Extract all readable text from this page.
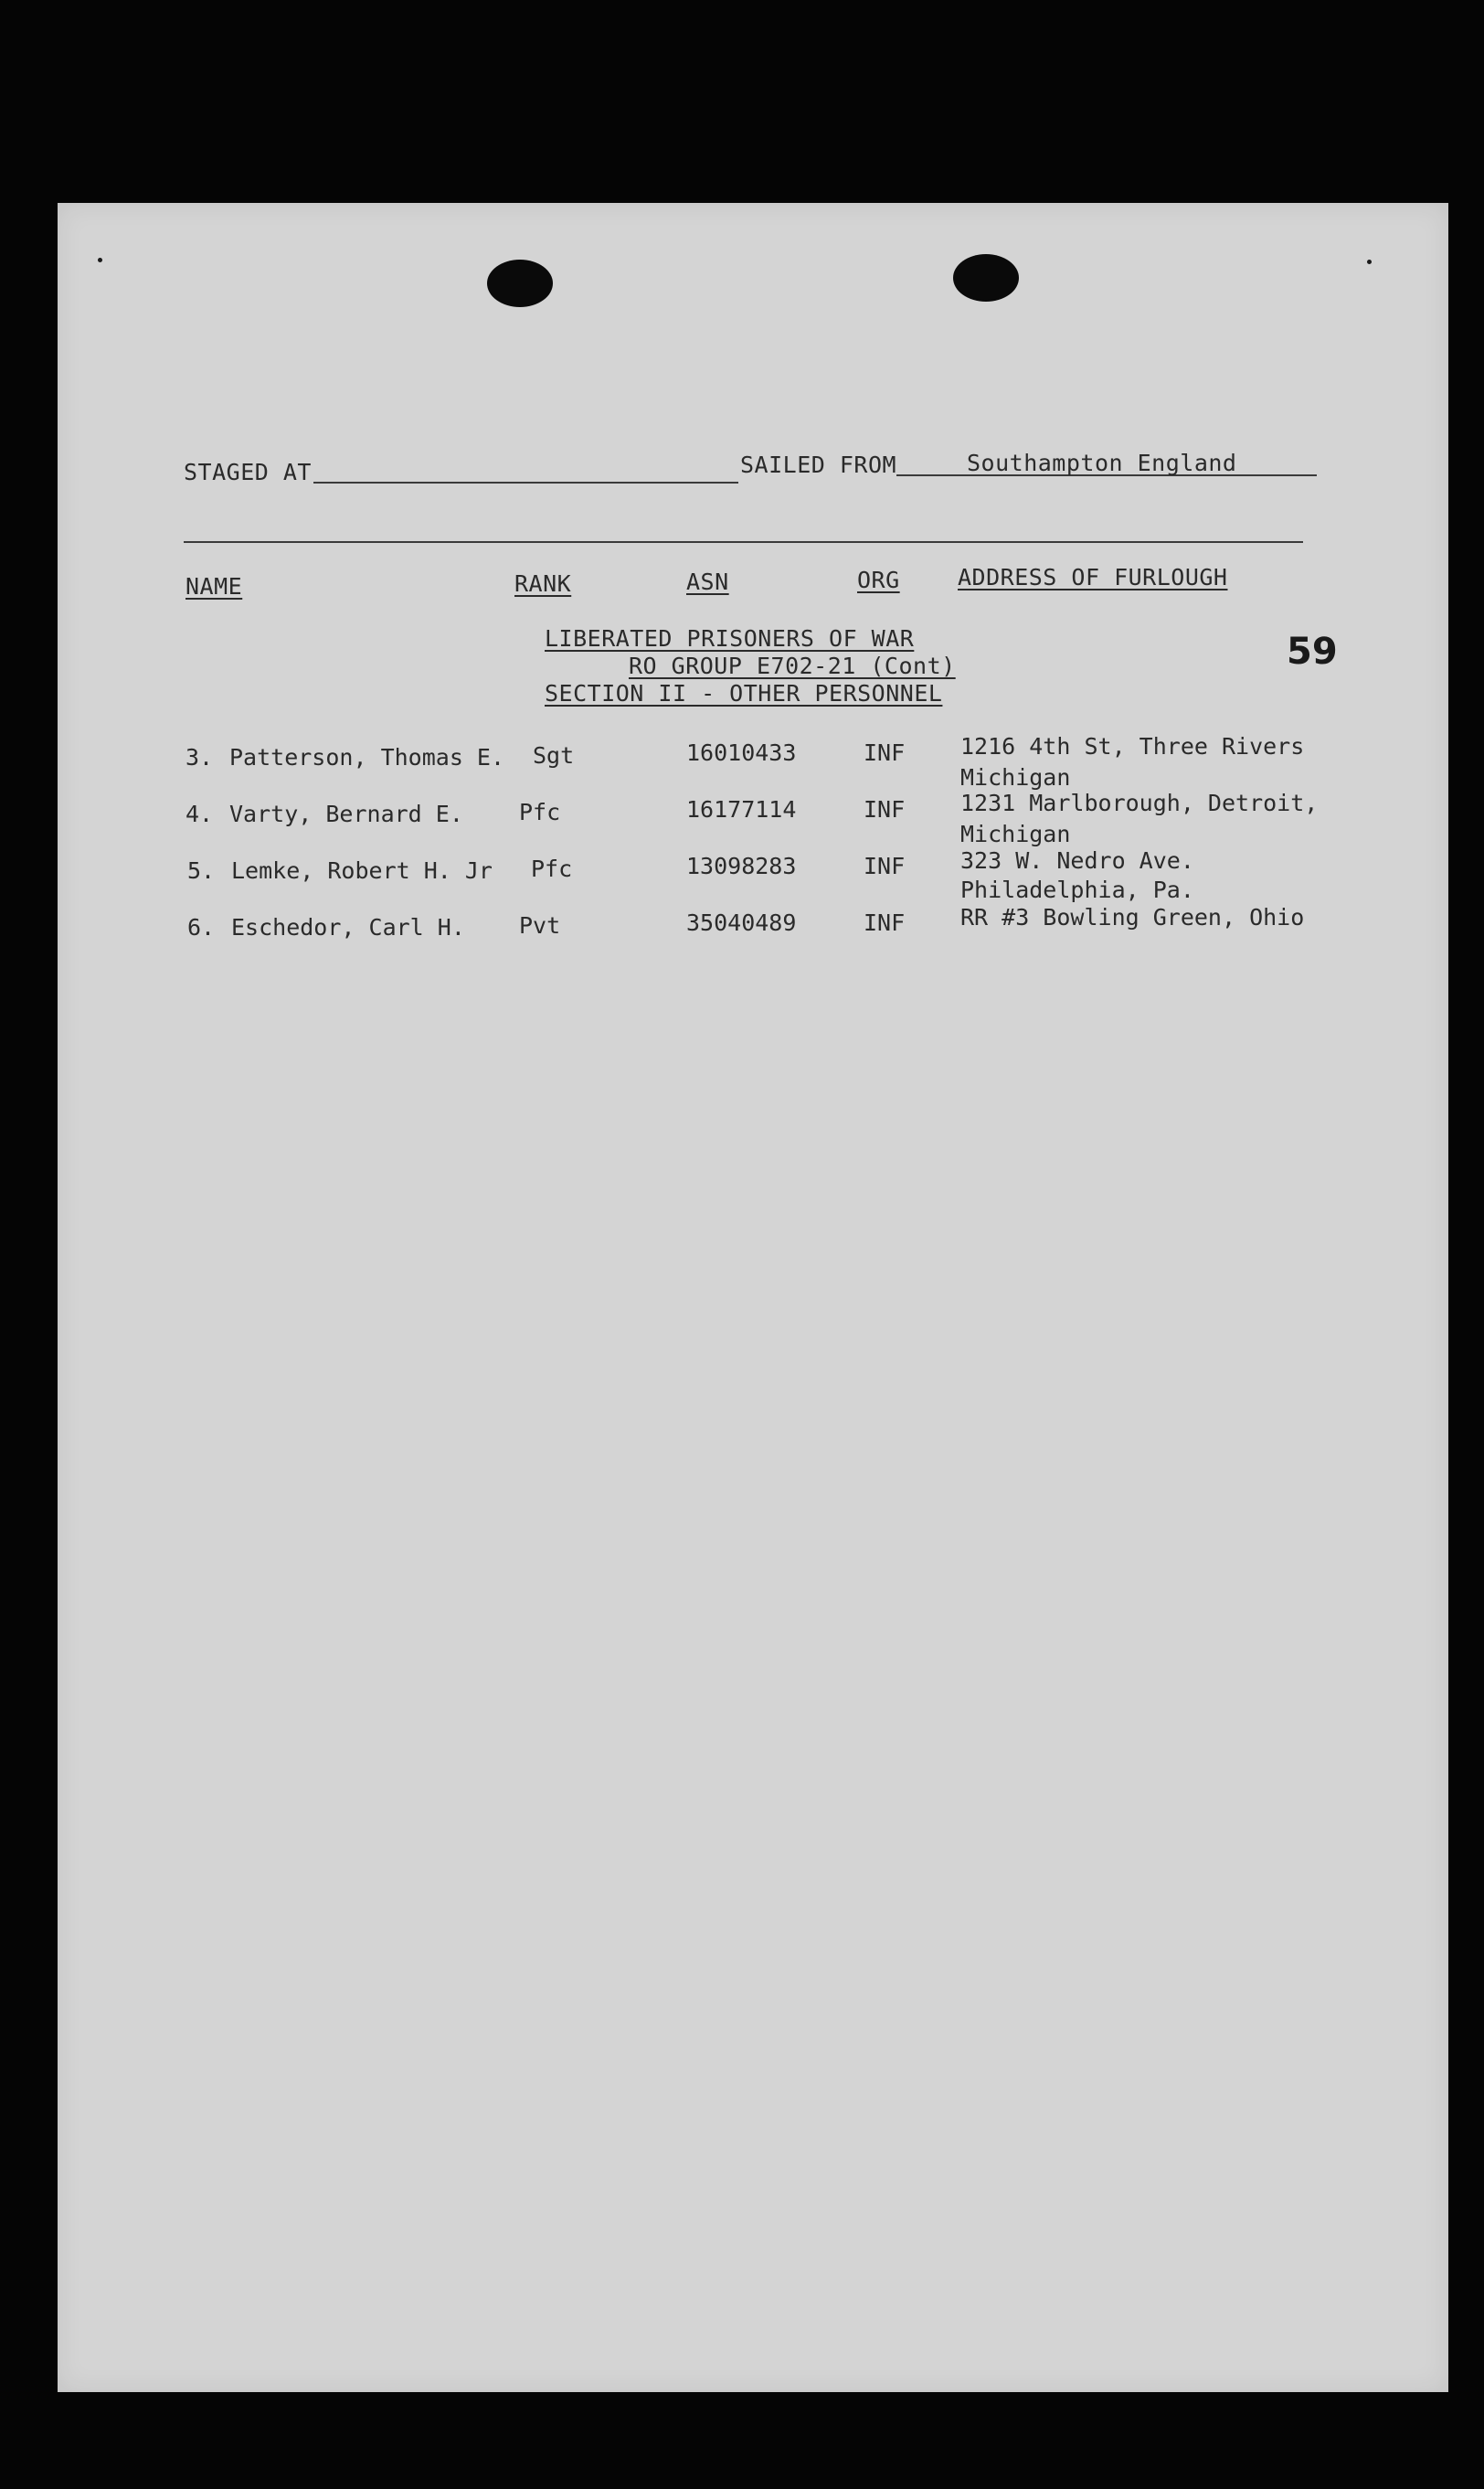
STAGED AT	SAILED FROM	Southampton England
NAME	RANK	ASN	ORG	ADDRESS OF FURLOUGH
LIBERATED PRISONERS OF WAR
RO GROUP E702-21 (Cont)
SECTION II - OTHER PERSONNEL
59
3. Patterson, Thomas E. Sgt	16010433	INF 1216 4th St, Three Rivers
Michigan
4. Varty, Bernard E. Pfc	16177114	INF 1231 Marlborough, Detroit,
Michigan
5. Lemke, Robert H. Jr Pfc	13098283	INF 323 W. Nedro Ave.
Philadelphia, Pa.
6. Eschedor, Carl H. Pvt	35040489	INF RR #3 Bowling Green, Ohio
